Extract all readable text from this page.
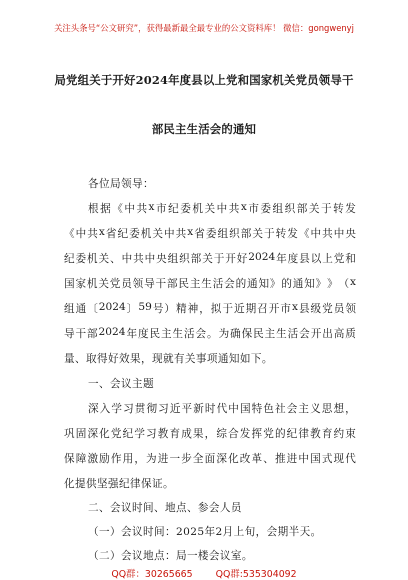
关注头条号“公文研究”，获得最新最全最专业的公文资料库！ 微信：gongwenyj
局党组关于开好2024年度县以上党和国家机关党员领导干
部民主生活会的通知
各位局领导：
根 据 《 中 共 x 市 纪 委 机 关 中 共 x 市 委 组 织 部 关 于 转 发
《 中 共 x 省 纪 委 机 关 中 共 x 省 委 组 织 部 关 于 转 发 《 中 共 中 央
纪 委 机 关 、 中 共 中 央 组 织 部 关 于 开 好 2024 年 度 县 以 上 党 和
国 家 机 关 党 员 领 导 干 部 民 主 生 活 会 的 通 知 》 的 通 知 》 》 （ x
组 通 〔 2024 〕 59 号 ） 精 神 ， 拟 于 近 期 召 开 市 x 县 级 党 员 领
导 干 部 2024 年 度 民 主 生 活 会 。 为 确 保 民 主 生 活 会 开 出 高 质
量、取得好效果，现就有关事项通知如下。
一、会议主题
深 入 学 习 贯 彻 习 近 平 新 时 代 中 国 特 色 社 会 主 义 思 想 ，
巩 固 深 化 党 纪 学 习 教 育 成 果 ， 综 合 发 挥 党 的 纪 律 教 育 约 束
保 障 激 励 作 用 ， 为 进 一 步 全 面 深 化 改 革 、 推 进 中 国 式 现 代
化提供坚强纪律保证。
QQ群：30265665 QQ群:535304092
二、会议时间、地点、参会人员
（一）会议时间：2025年2月上旬，会期半天。
（二）会议地点：局一楼会议室。
